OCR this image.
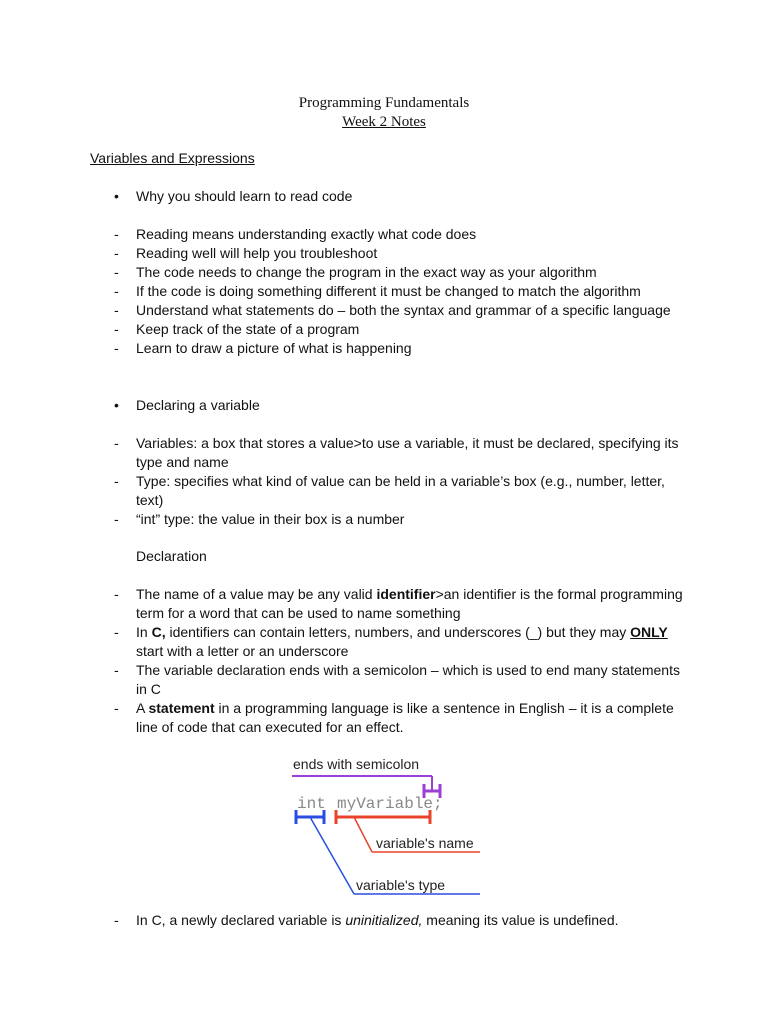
Programming Fundamentals
Week 2 Notes
Variables and Expressions
• Why you should learn to read code
- Reading means understanding exactly what code does
- Reading well will help you troubleshoot
- The code needs to change the program in the exact way as your algorithm
- If the code is doing something different it must be changed to match the algorithm
- Understand what statements do – both the syntax and grammar of a specific language
- Keep track of the state of a program
- Learn to draw a picture of what is happening
• Declaring a variable
- Variables: a box that stores a value>to use a variable, it must be declared, specifying its type and name
- Type: specifies what kind of value can be held in a variable’s box (e.g., number, letter, text)
- “int” type: the value in their box is a number
Declaration
- The name of a value may be any valid identifier>an identifier is the formal programming term for a word that can be used to name something
- In C, identifiers can contain letters, numbers, and underscores (_) but they may ONLY start with a letter or an underscore
- The variable declaration ends with a semicolon – which is used to end many statements in C
- A statement in a programming language is like a sentence in English – it is a complete line of code that can executed for an effect.
ends with semicolon
int myVariable;
variable's type
variable's name
- In C, a newly declared variable is uninitialized, meaning its value is undefined.
